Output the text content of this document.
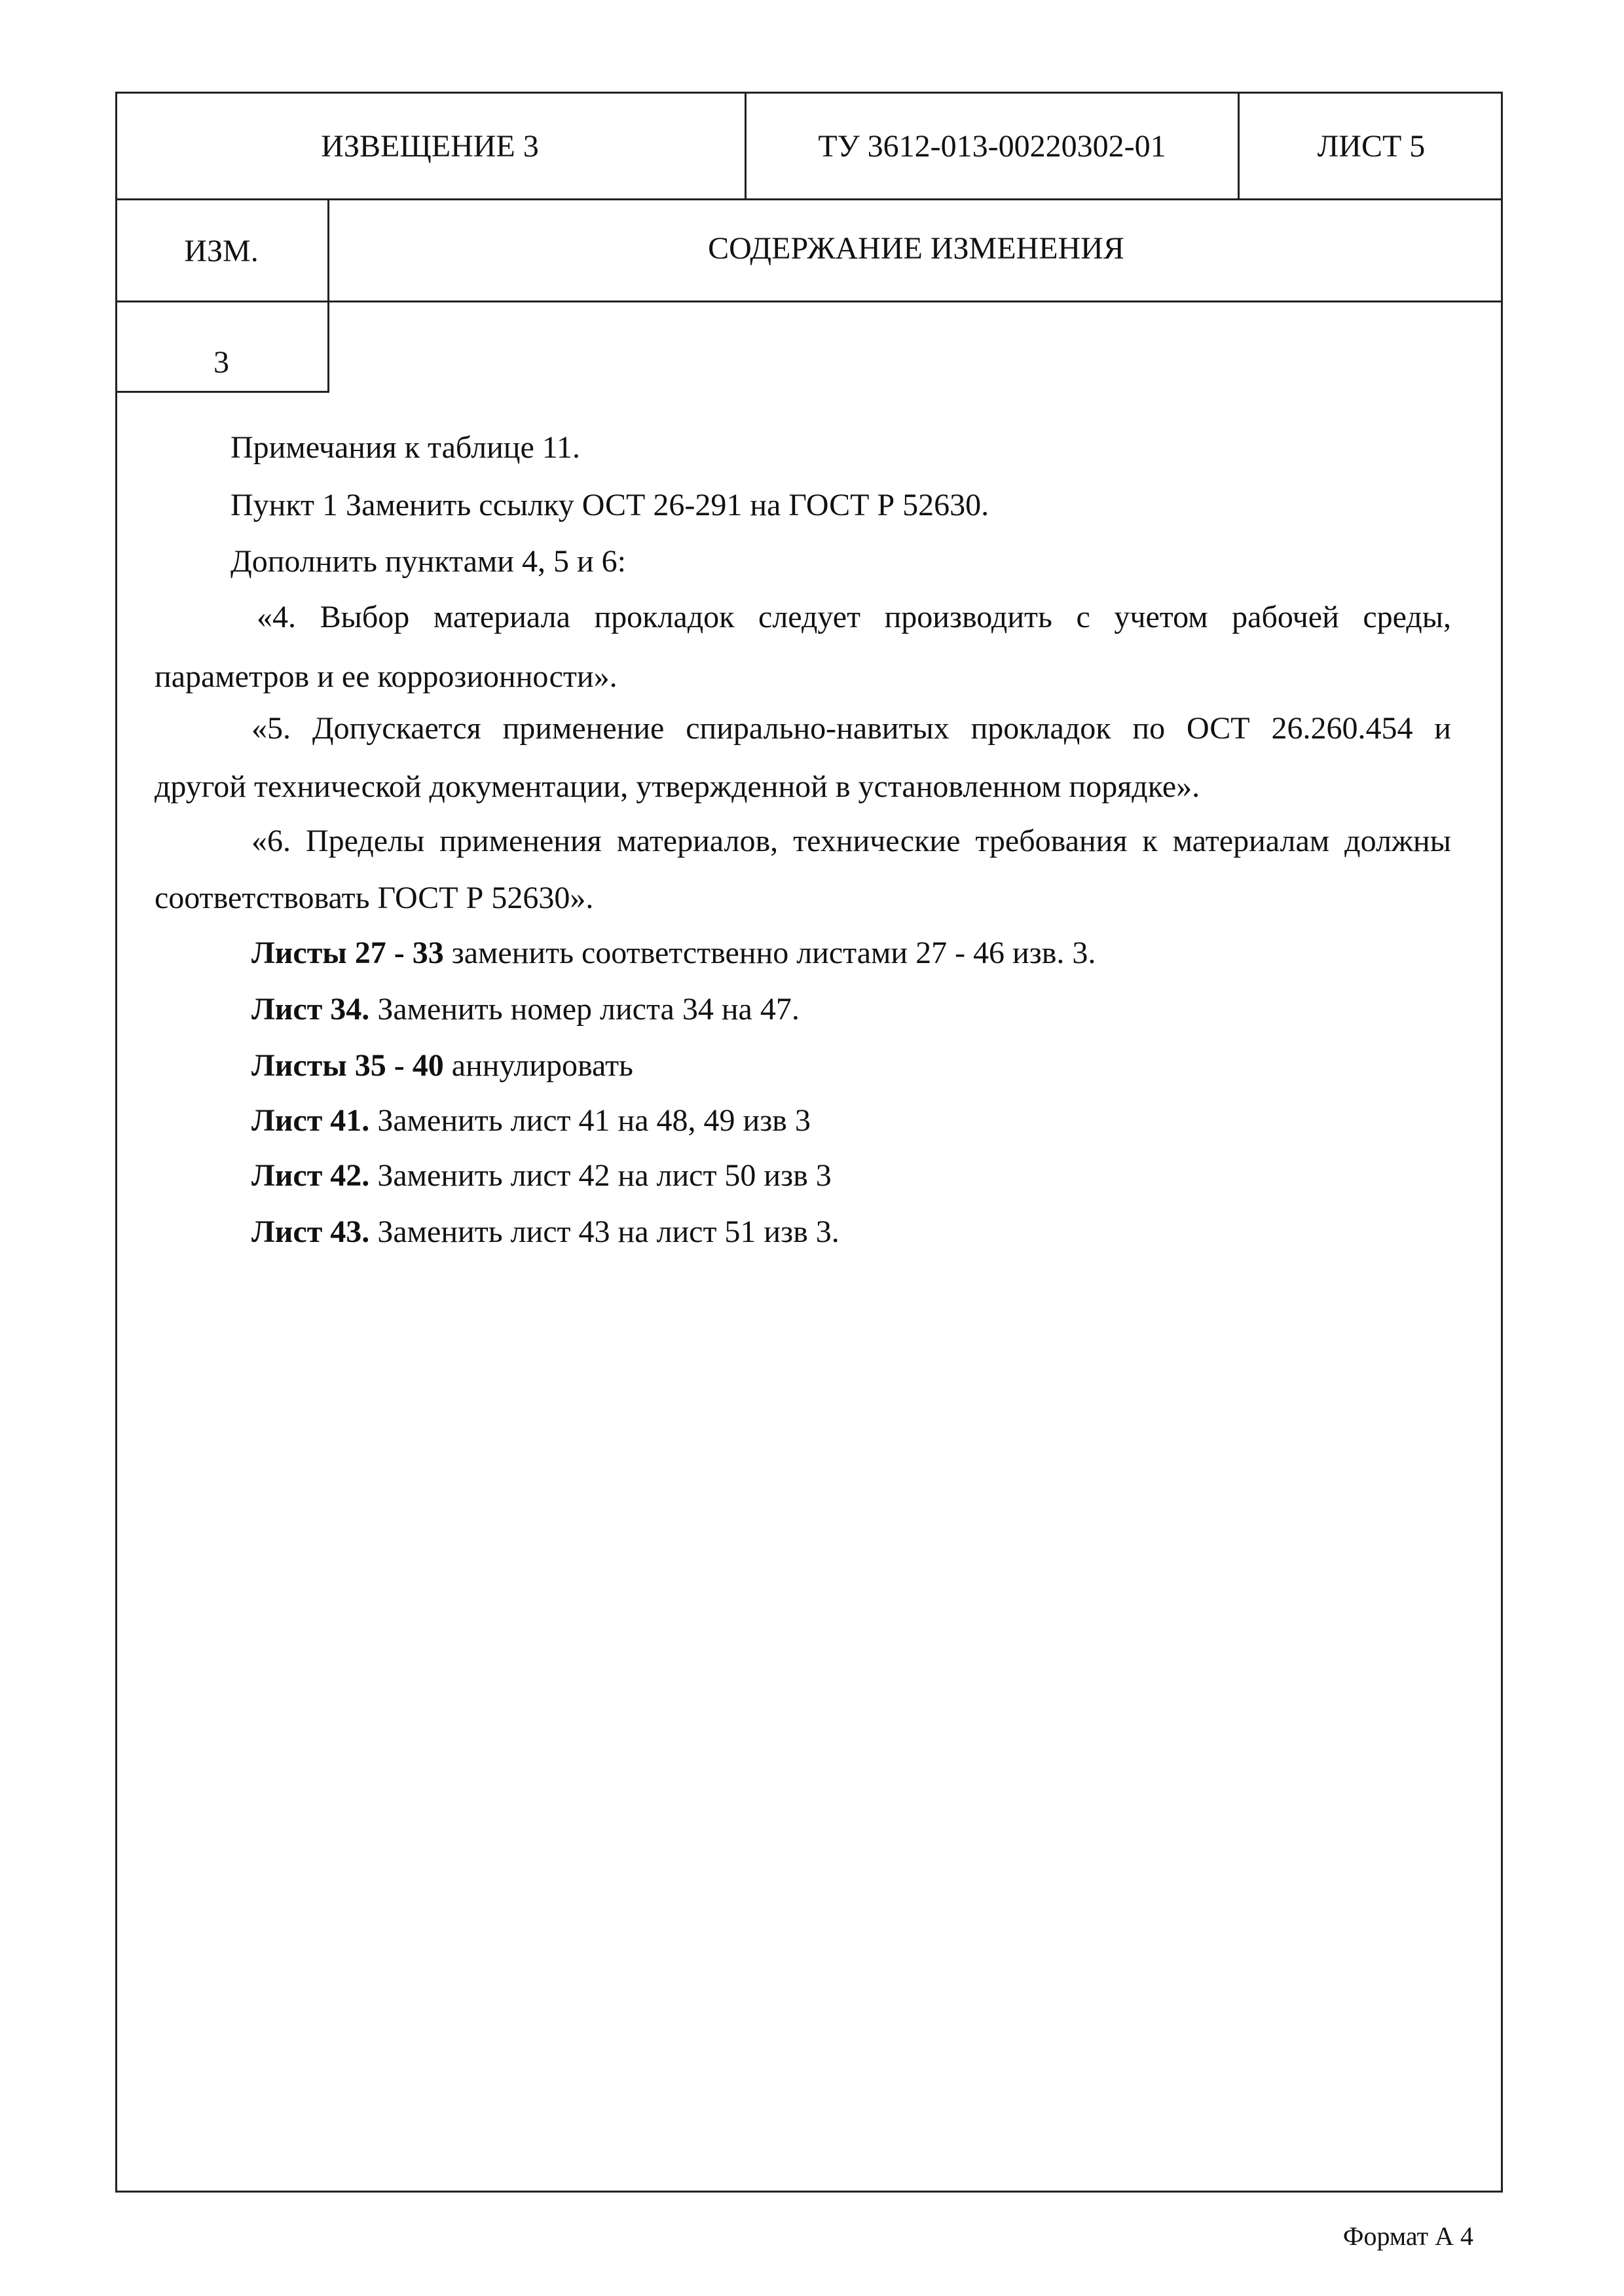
ИЗВЕЩЕНИЕ 3	ТУ 3612-013-00220302-01	ЛИСТ 5
ИЗМ.	СОДЕРЖАНИЕ ИЗМЕНЕНИЯ
3
Примечания к таблице 11.
Пункт 1 Заменить ссылку ОСТ 26-291 на ГОСТ Р 52630.
Дополнить пунктами 4, 5 и 6:
«4. Выбор материала прокладок следует производить с учетом рабочей среды,
параметров и ее коррозионности».
«5. Допускается применение спирально-навитых прокладок по ОСТ 26.260.454 и
другой технической документации, утвержденной в установленном порядке».
«6. Пределы применения материалов, технические требования к материалам должны
соответствовать ГОСТ Р 52630».
Листы 27 - 33 заменить соответственно листами 27 - 46 изв. 3.
Лист 34. Заменить номер листа 34 на 47.
Листы 35 - 40 аннулировать
Лист 41. Заменить лист 41 на 48, 49 изв 3
Лист 42. Заменить лист 42 на лист 50 изв 3
Лист 43. Заменить лист 43 на лист 51 изв 3.
Формат А 4
